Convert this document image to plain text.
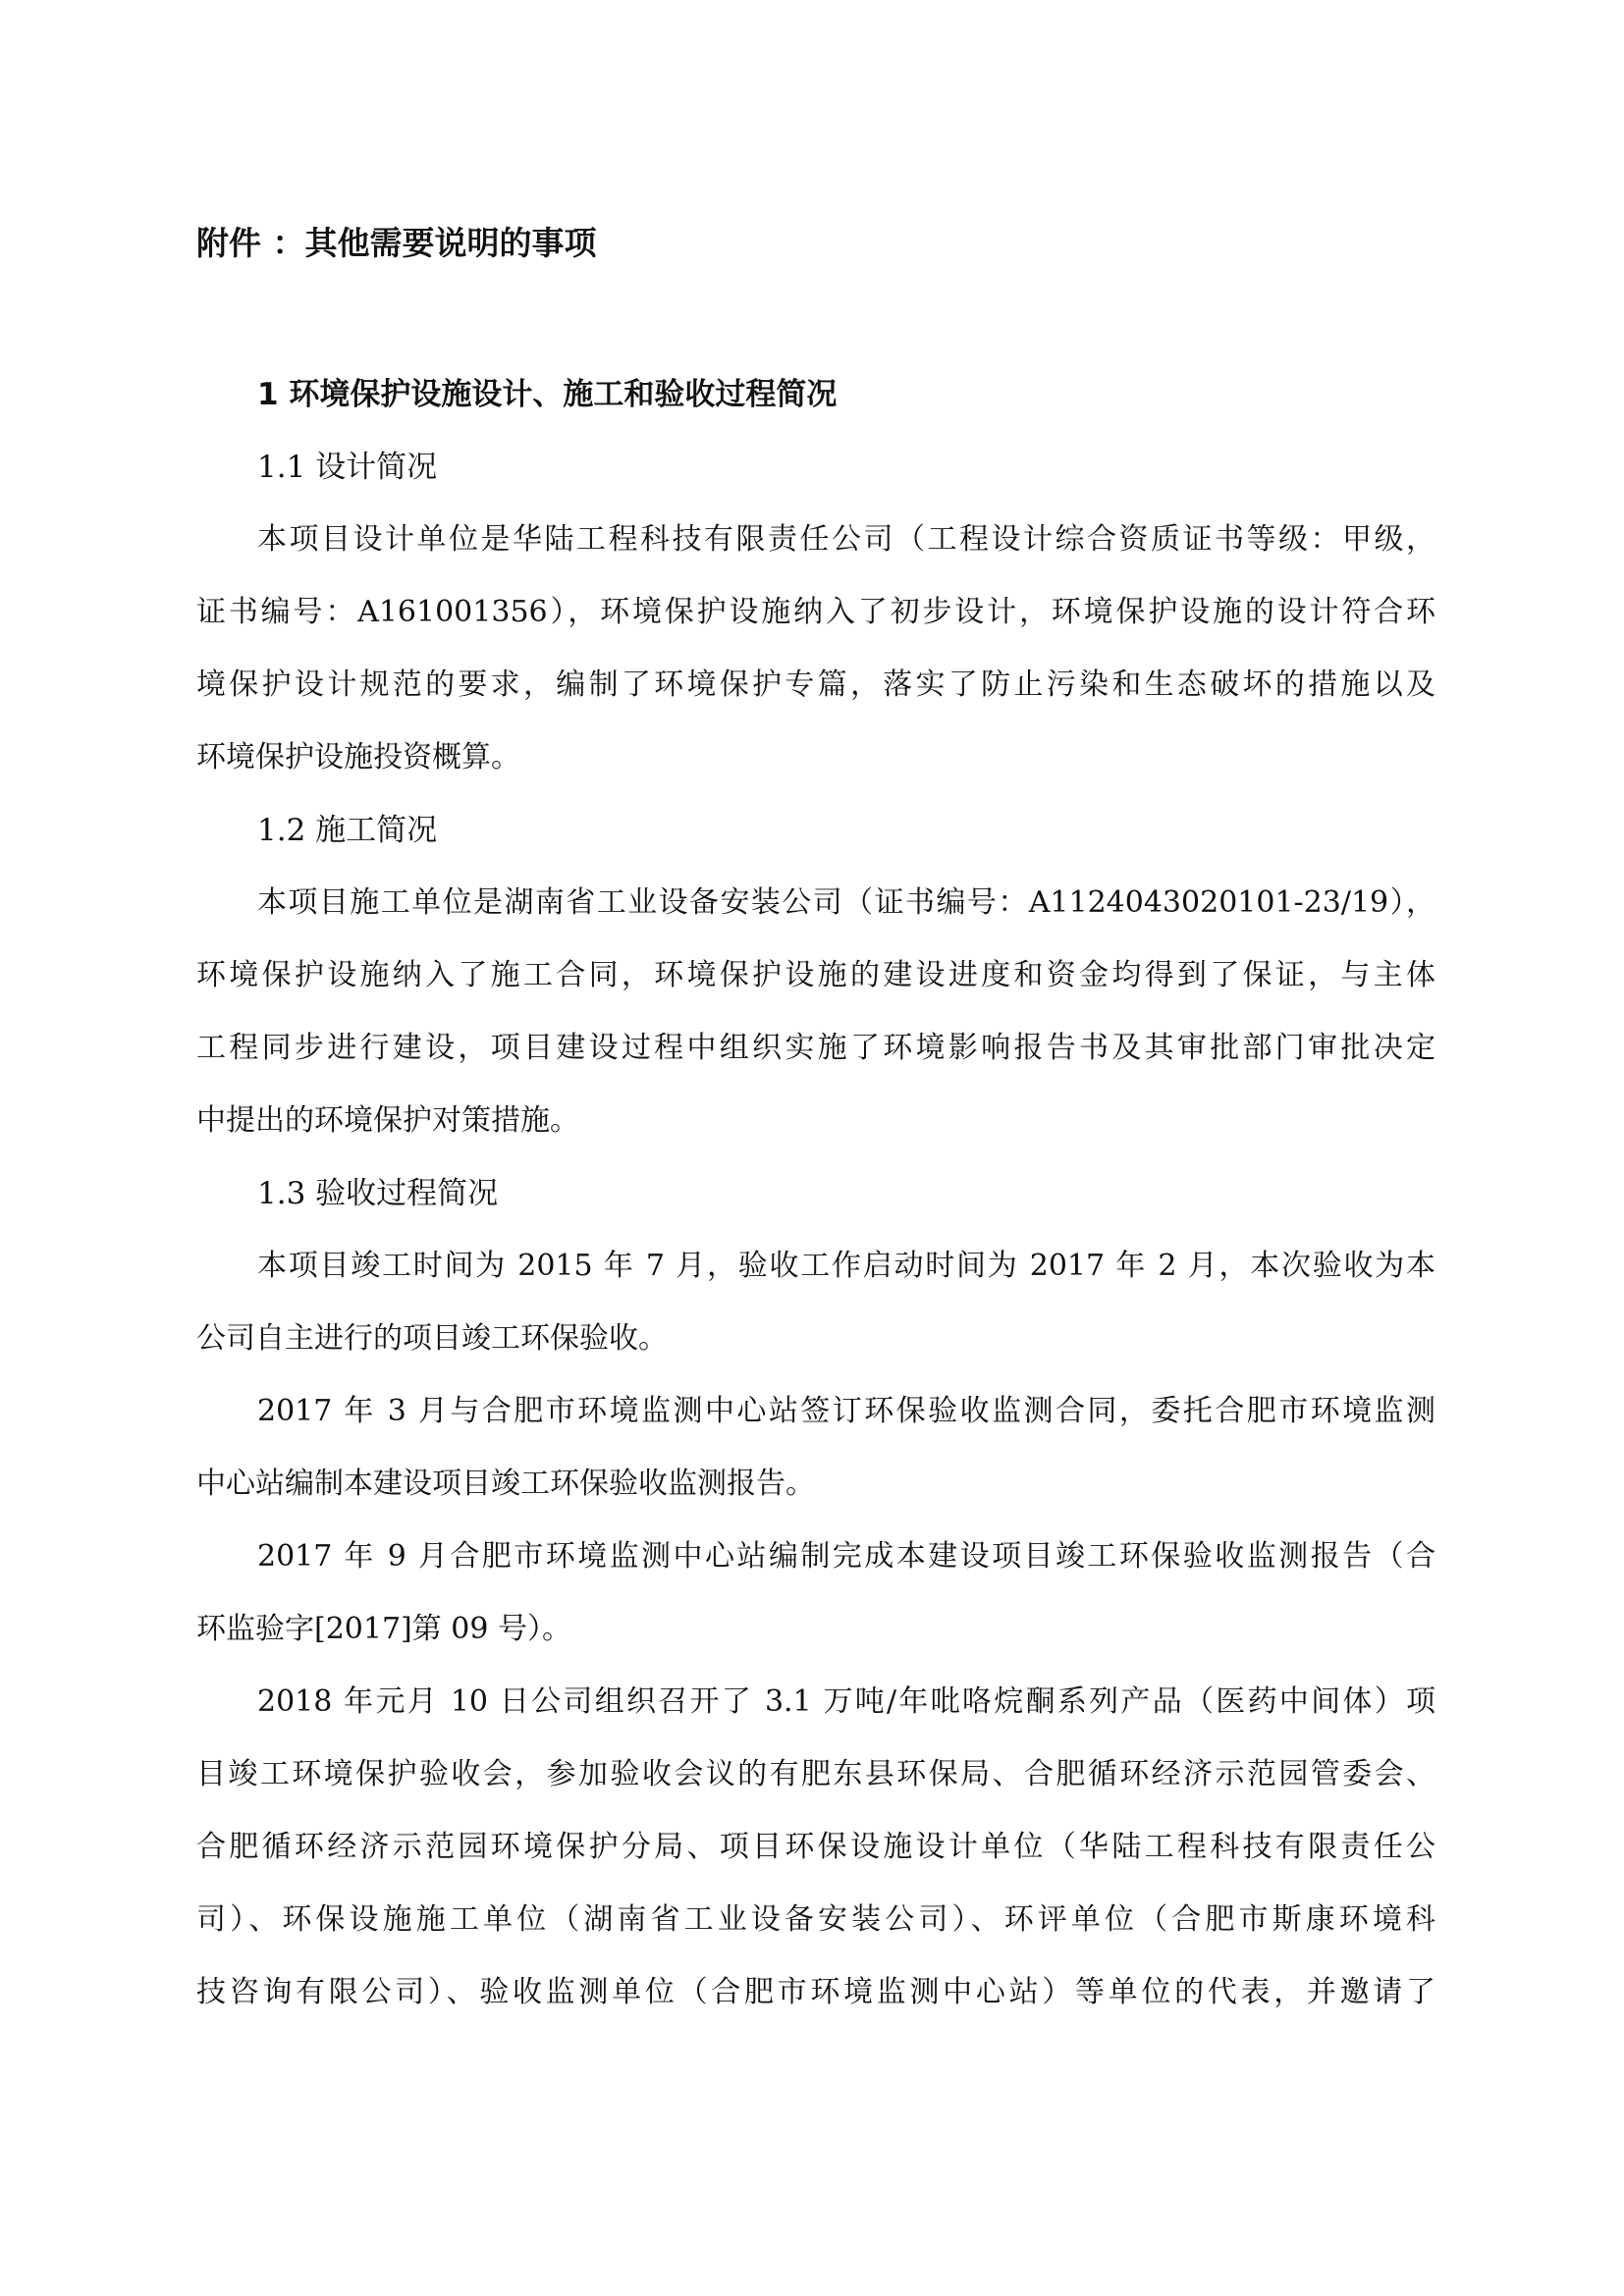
附件 ：其他需要说明的事项
1 环境保护设施设计、施工和验收过程简况
1.1 设计简况
本项目设计单位是华陆工程科技有限责任公司（工程设计综合资质证书等级：甲级，
证书编号：A161001356），环境保护设施纳入了初步设计，环境保护设施的设计符合环
境保护设计规范的要求，编制了环境保护专篇，落实了防止污染和生态破坏的措施以及
环境保护设施投资概算。
1.2 施工简况
本项目施工单位是湖南省工业设备安装公司（证书编号：A1124043020101-23/19），
环境保护设施纳入了施工合同，环境保护设施的建设进度和资金均得到了保证，与主体
工程同步进行建设，项目建设过程中组织实施了环境影响报告书及其审批部门审批决定
中提出的环境保护对策措施。
1.3 验收过程简况
本项目竣工时间为 2015 年 7 月，验收工作启动时间为 2017 年 2 月，本次验收为本
公司自主进行的项目竣工环保验收。
2017 年 3 月与合肥市环境监测中心站签订环保验收监测合同，委托合肥市环境监测
中心站编制本建设项目竣工环保验收监测报告。
2017 年 9 月合肥市环境监测中心站编制完成本建设项目竣工环保验收监测报告（合
环监验字[2017]第 09 号）。
2018 年元月 10 日公司组织召开了 3.1 万吨/年吡咯烷酮系列产品（医药中间体）项
目竣工环境保护验收会，参加验收会议的有肥东县环保局、合肥循环经济示范园管委会、
合肥循环经济示范园环境保护分局、项目环保设施设计单位（华陆工程科技有限责任公
司）、环保设施施工单位（湖南省工业设备安装公司）、环评单位（合肥市斯康环境科
技咨询有限公司）、验收监测单位（合肥市环境监测中心站）等单位的代表，并邀请了
